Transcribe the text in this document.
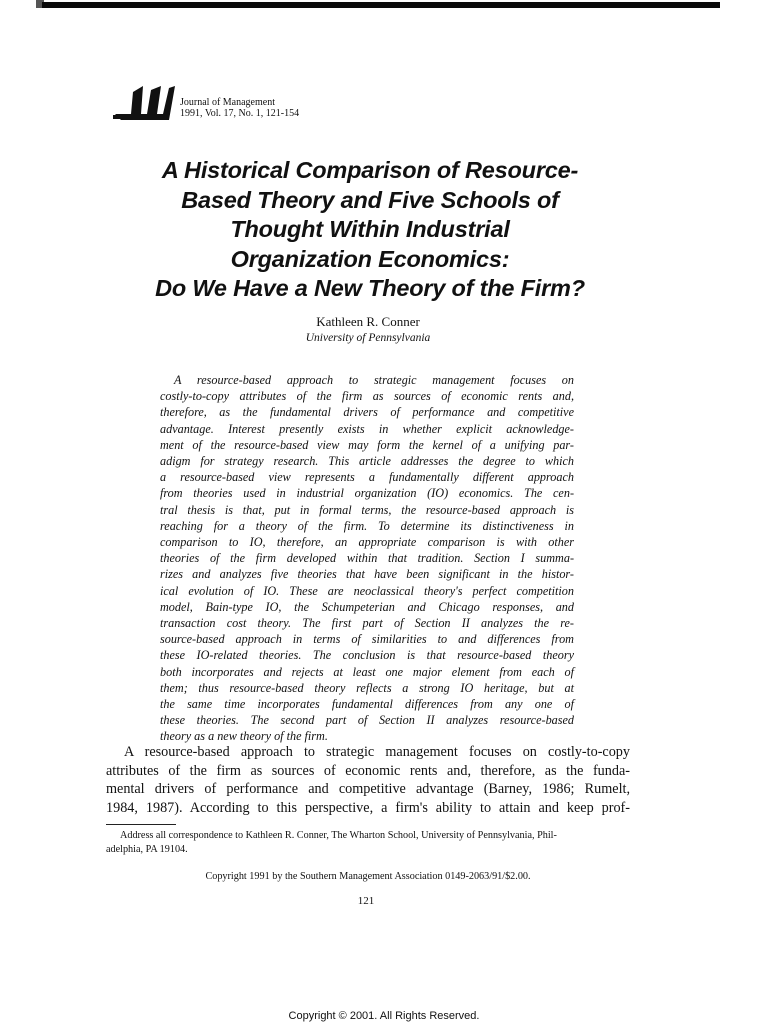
Journal of Management
1991, Vol. 17, No. 1, 121-154
A Historical Comparison of Resource-
Based Theory and Five Schools of
Thought Within Industrial
Organization Economics:
Do We Have a New Theory of the Firm?
Kathleen R. Conner
University of Pennsylvania
A resource-based approach to strategic management focuses on
costly-to-copy attributes of the firm as sources of economic rents and,
therefore, as the fundamental drivers of performance and competitive
advantage. Interest presently exists in whether explicit acknowledge-
ment of the resource-based view may form the kernel of a unifying par-
adigm for strategy research. This article addresses the degree to which
a resource-based view represents a fundamentally different approach
from theories used in industrial organization (IO) economics. The cen-
tral thesis is that, put in formal terms, the resource-based approach is
reaching for a theory of the firm. To determine its distinctiveness in
comparison to IO, therefore, an appropriate comparison is with other
theories of the firm developed within that tradition. Section I summa-
rizes and analyzes five theories that have been significant in the histor-
ical evolution of IO. These are neoclassical theory's perfect competition
model, Bain-type IO, the Schumpeterian and Chicago responses, and
transaction cost theory. The first part of Section II analyzes the re-
source-based approach in terms of similarities to and differences from
these IO-related theories. The conclusion is that resource-based theory
both incorporates and rejects at least one major element from each of
them; thus resource-based theory reflects a strong IO heritage, but at
the same time incorporates fundamental differences from any one of
these theories. The second part of Section II analyzes resource-based
theory as a new theory of the firm.
A resource-based approach to strategic management focuses on costly-to-copy
attributes of the firm as sources of economic rents and, therefore, as the funda-
mental drivers of performance and competitive advantage (Barney, 1986; Rumelt,
1984, 1987). According to this perspective, a firm's ability to attain and keep prof-
Address all correspondence to Kathleen R. Conner, The Wharton School, University of Pennsylvania, Phil-
adelphia, PA 19104.
Copyright 1991 by the Southern Management Association 0149-2063/91/$2.00.
121
Copyright © 2001. All Rights Reserved.
